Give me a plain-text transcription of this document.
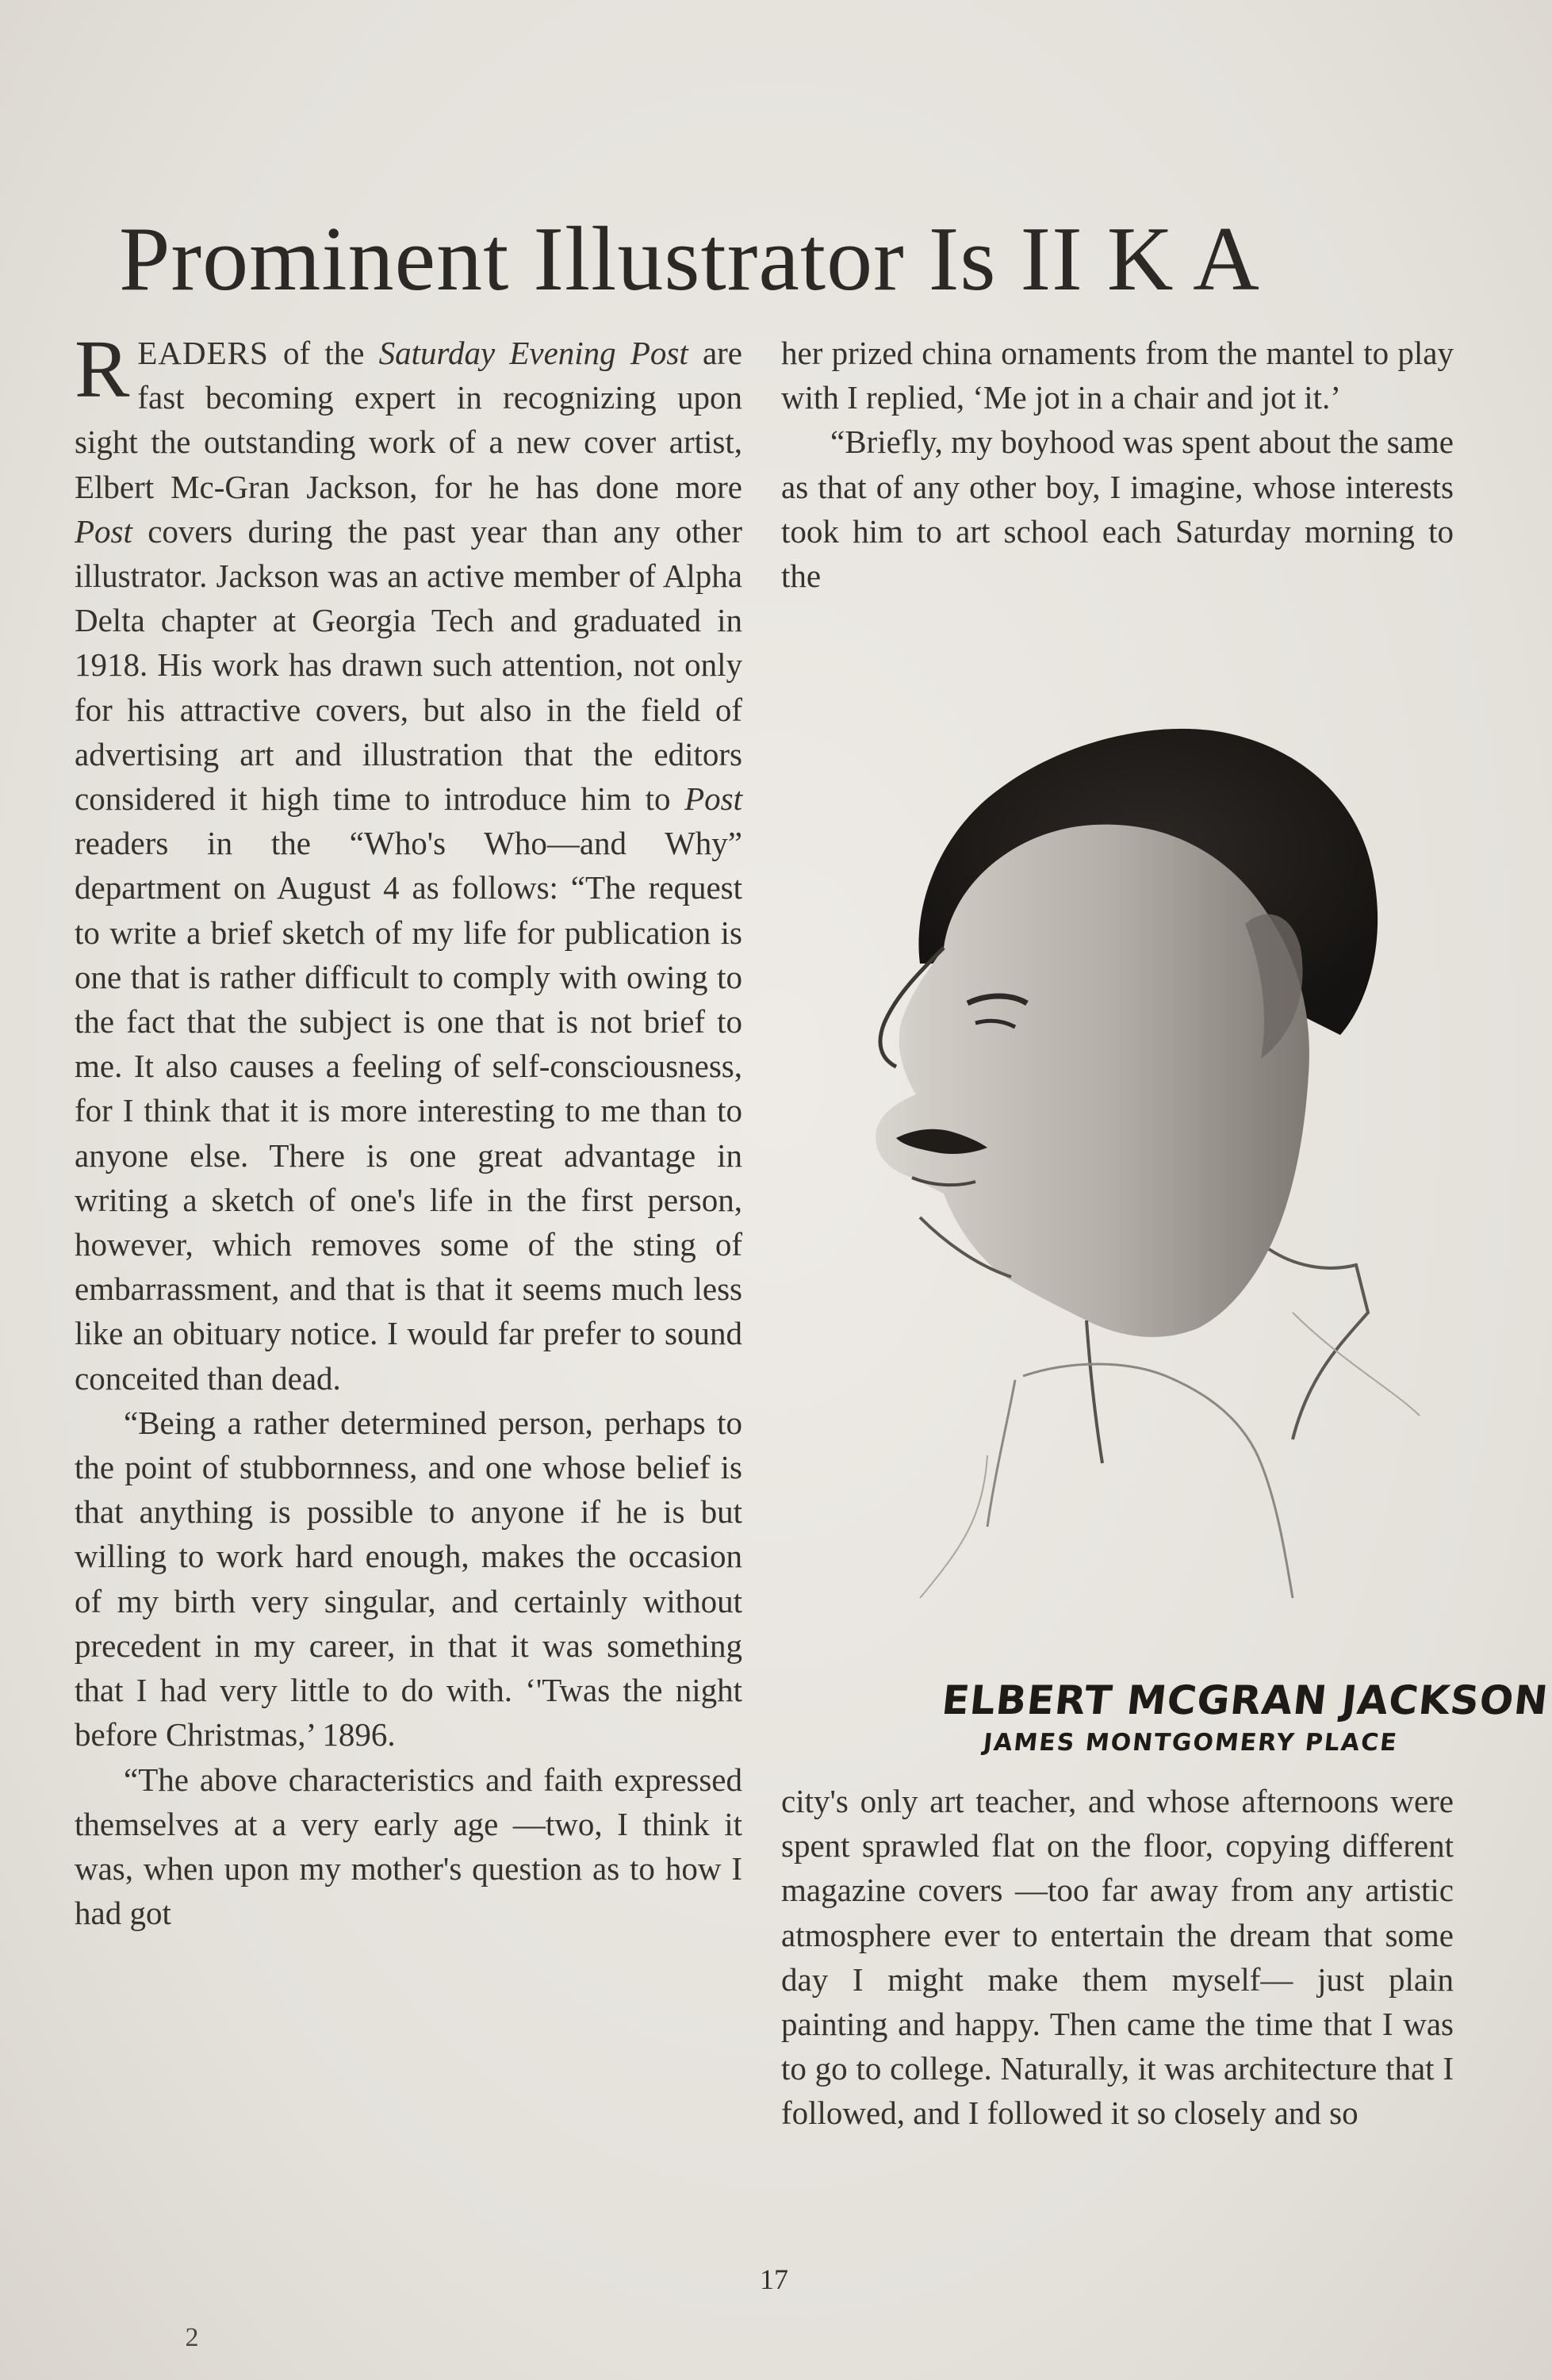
Prominent Illustrator Is II K A

READERS of the Saturday Evening Post are fast becoming expert in recognizing upon sight the outstanding work of a new cover artist, Elbert Mc-Gran Jackson, for he has done more Post covers during the past year than any other illustrator. Jackson was an active member of Alpha Delta chapter at Georgia Tech and graduated in 1918. His work has drawn such attention, not only for his attractive covers, but also in the field of advertising art and illustration that the editors considered it high time to introduce him to Post readers in the “Who's Who—and Why” department on August 4 as follows: “The request to write a brief sketch of my life for publication is one that is rather difficult to comply with owing to the fact that the subject is one that is not brief to me. It also causes a feeling of self-consciousness, for I think that it is more interesting to me than to anyone else. There is one great advantage in writing a sketch of one's life in the first person, however, which removes some of the sting of embarrassment, and that is that it seems much less like an obituary notice. I would far prefer to sound conceited than dead.

“Being a rather determined person, perhaps to the point of stubbornness, and one whose belief is that anything is possible to anyone if he is but willing to work hard enough, makes the occasion of my birth very singular, and certainly without precedent in my career, in that it was something that I had very little to do with. ‘'Twas the night before Christmas,’ 1896.

“The above characteristics and faith expressed themselves at a very early age —two, I think it was, when upon my mother's question as to how I had got

her prized china ornaments from the mantel to play with I replied, ‘Me jot in a chair and jot it.’

“Briefly, my boyhood was spent about the same as that of any other boy, I imagine, whose interests took him to art school each Saturday morning to the

ELBERT MCGRAN JACKSON
JAMES MONTGOMERY PLACE

city's only art teacher, and whose afternoons were spent sprawled flat on the floor, copying different magazine covers —too far away from any artistic atmosphere ever to entertain the dream that some day I might make them myself— just plain painting and happy. Then came the time that I was to go to college. Naturally, it was architecture that I followed, and I followed it so closely and so

17
2
